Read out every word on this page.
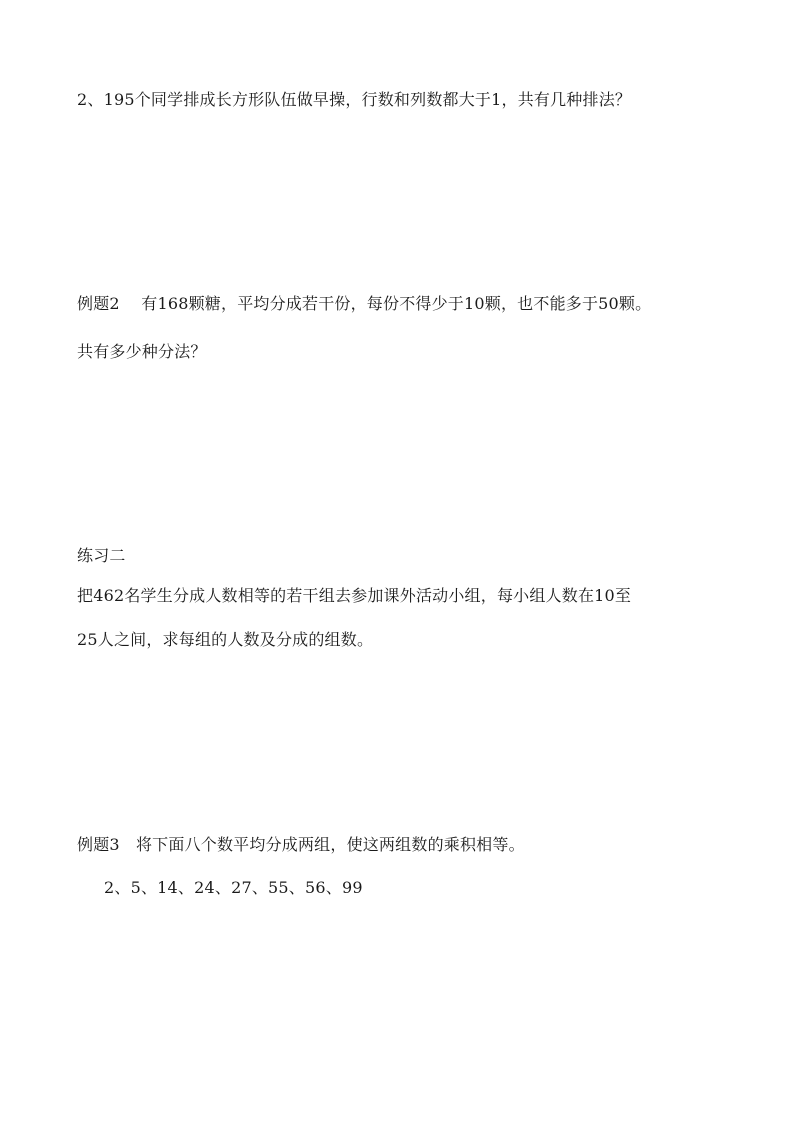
2、195个同学排成长方形队伍做早操，行数和列数都大于1，共有几种排法？
例题2　 有168颗糖，平均分成若干份，每份不得少于10颗，也不能多于50颗。
共有多少种分法？
练习二
把462名学生分成人数相等的若干组去参加课外活动小组，每小组人数在10至
25人之间，求每组的人数及分成的组数。
例题3　将下面八个数平均分成两组，使这两组数的乘积相等。
2、5、14、24、27、55、56、99
